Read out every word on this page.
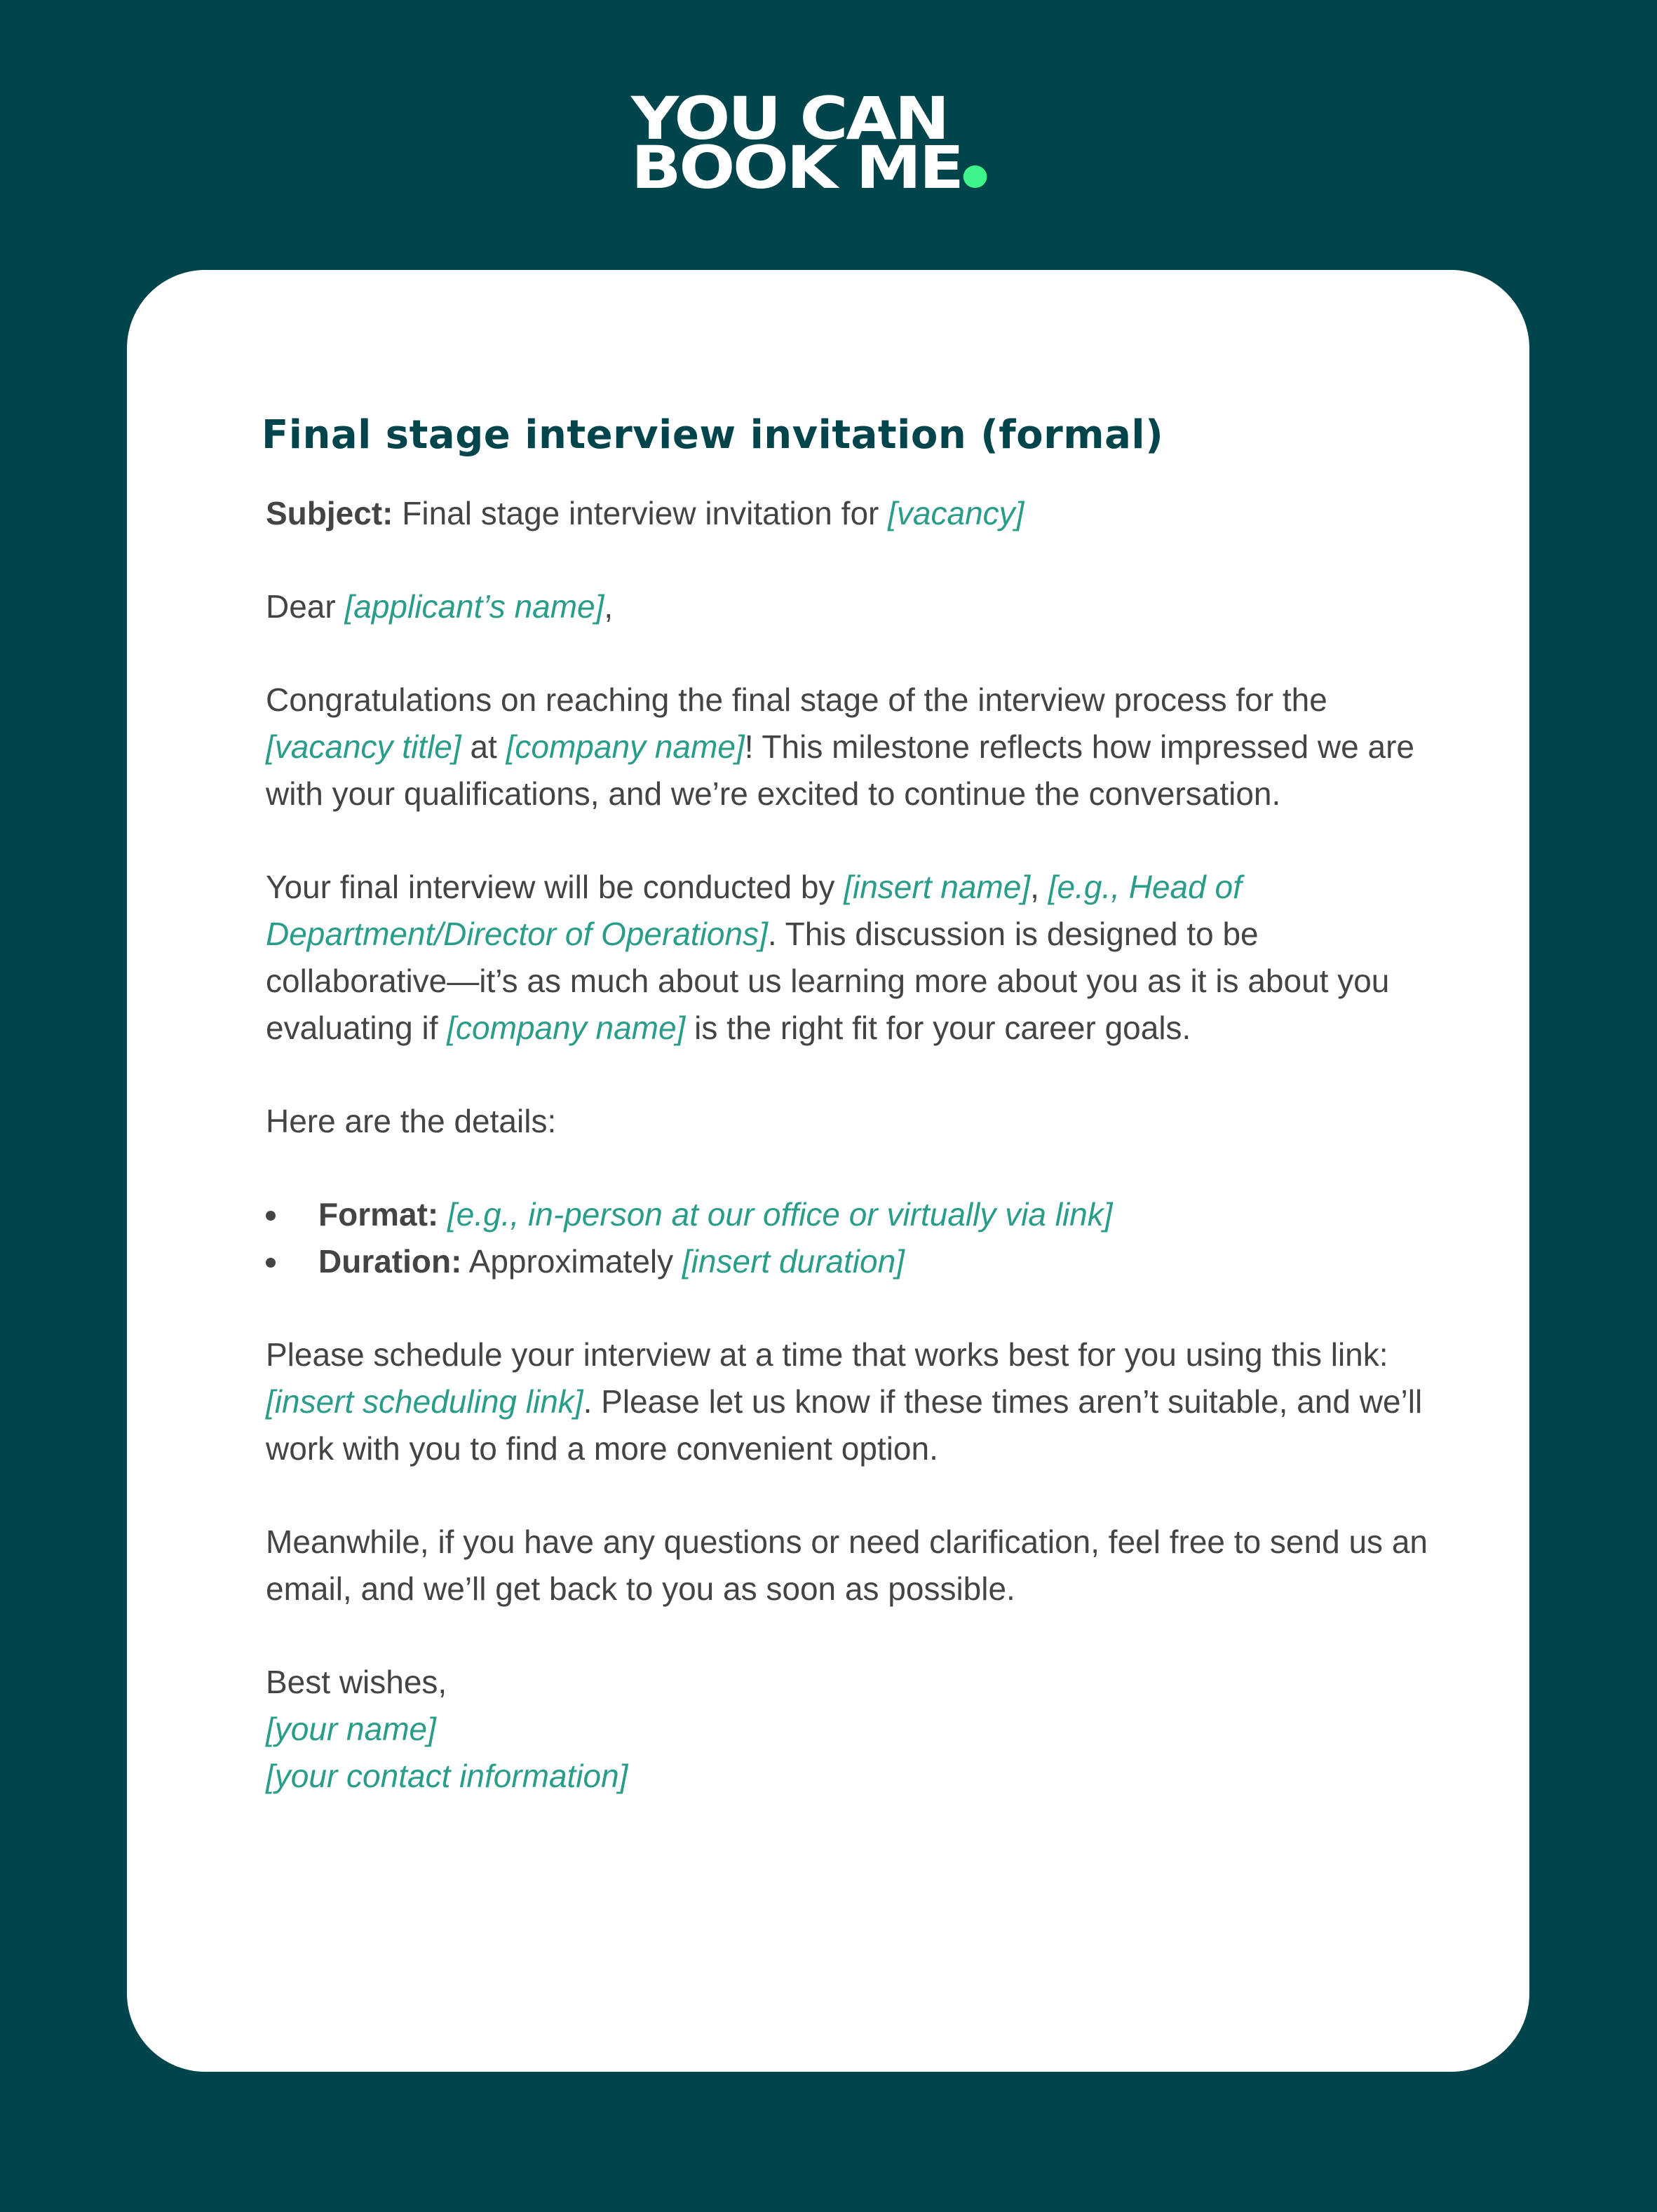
YOU CAN
BOOK ME
Final stage interview invitation (formal)

Subject: Final stage interview invitation for [vacancy]

Dear [applicant’s name],

Congratulations on reaching the final stage of the interview process for the [vacancy title] at [company name]! This milestone reflects how impressed we are with your qualifications, and we’re excited to continue the conversation.

Your final interview will be conducted by [insert name], [e.g., Head of Department/Director of Operations]. This discussion is designed to be collaborative—it’s as much about us learning more about you as it is about you evaluating if [company name] is the right fit for your career goals.

Here are the details:

Format: [e.g., in-person at our office or virtually via link]
Duration: Approximately [insert duration]

Please schedule your interview at a time that works best for you using this link: [insert scheduling link]. Please let us know if these times aren’t suitable, and we’ll work with you to find a more convenient option.

Meanwhile, if you have any questions or need clarification, feel free to send us an email, and we’ll get back to you as soon as possible.

Best wishes,
[your name]
[your contact information]
